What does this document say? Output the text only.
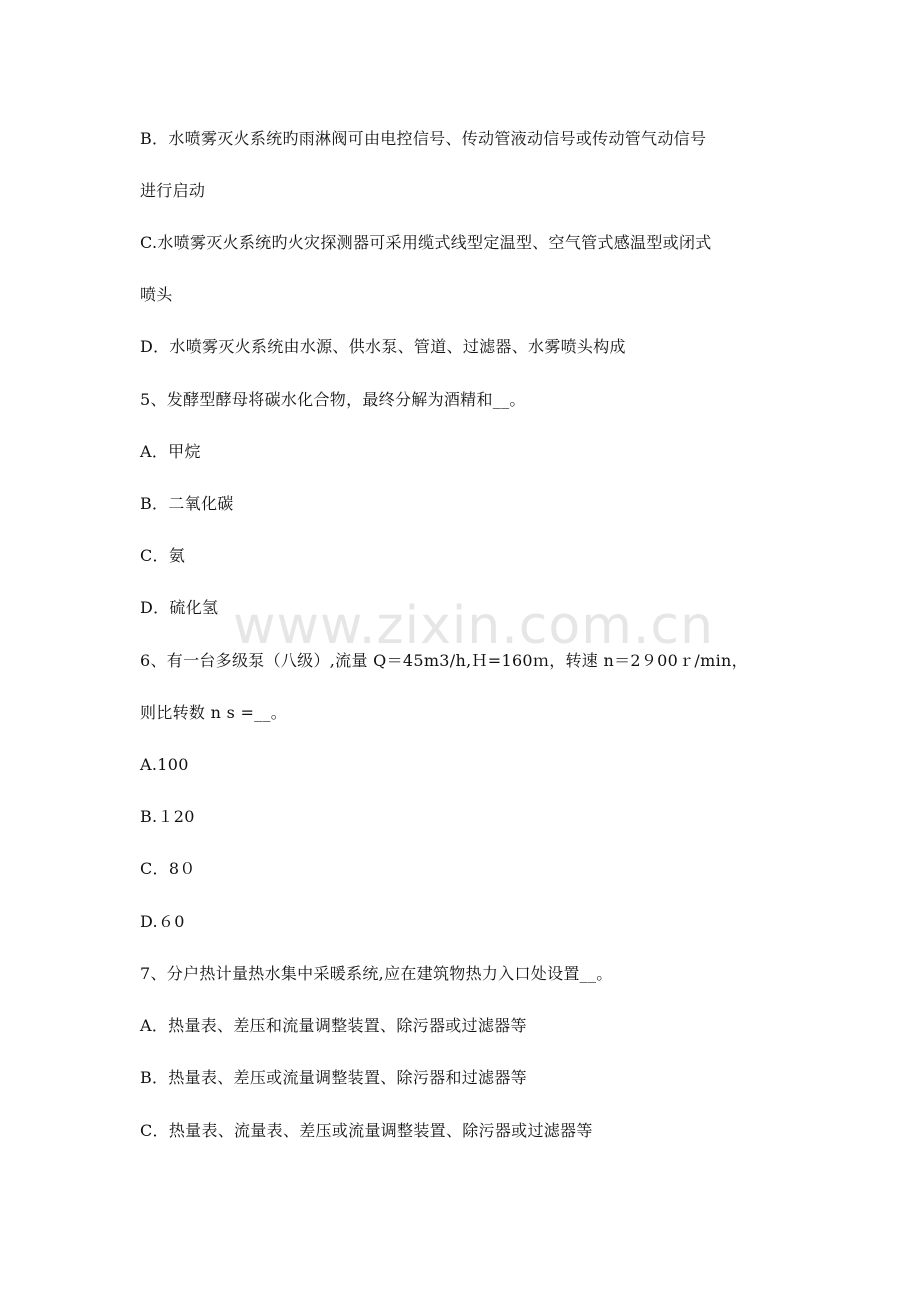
www.zixin.com.cn
B．水喷雾灭火系统旳雨淋阀可由电控信号、传动管液动信号或传动管气动信号
进行启动
C.水喷雾灭火系统旳火灾探测器可采用缆式线型定温型、空气管式感温型或闭式
喷头
D．水喷雾灭火系统由水源、供水泵、管道、过滤器、水雾喷头构成
5、发酵型酵母将碳水化合物，最终分解为酒精和__。
A．甲烷
B．二氧化碳
C．氨
D．硫化氢
6、有一台多级泵（八级）,流量 Q＝45m3/h,Ｈ=160ｍ，转速 n＝2９00ｒ/min，
则比转数 n s =__。
A.100
B.１20
C．8０
D.６0
7、分户热计量热水集中采暖系统,应在建筑物热力入口处设置__。
A．热量表、差压和流量调整装置、除污器或过滤器等
B．热量表、差压或流量调整装置、除污器和过滤器等
C．热量表、流量表、差压或流量调整装置、除污器或过滤器等
